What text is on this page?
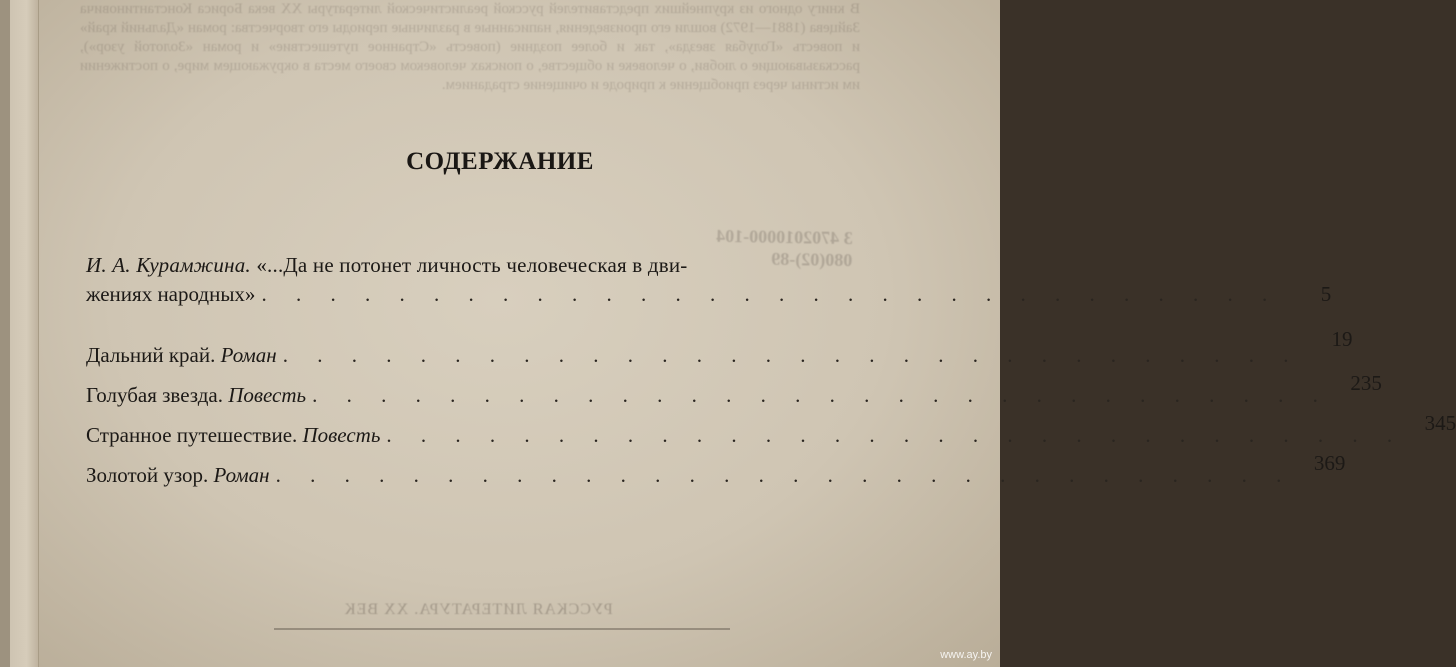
В книгу одного из крупнейших представителей русской реалистической литературы XX века Бориса Константиновича Зайцева (1881—1972) вошли его произведения, написанные в различные периоды его творчества: роман «Дальний край» и повесть «Голубая звезда», так и более поздние (повесть «Странное путешествие» и роман «Золотой узор»), рассказывающие о любви, о человеке и обществе, о поисках человеком своего места в окружающем мире, о постижении им истины через приобщение к природе и очищение страданием.
3 4702010000-104
080(02)-89
РУССКАЯ ЛИТЕРАТУРА. XX ВЕК
СОДЕРЖАНИЕ
И. А. Курамжина. «...Да не потонет личность человеческая в дви-
жениях народных» . . . . . . . . . . . . . . . . . . . . . . . . . . . . . .	5
Дальний край. Роман . . . . . . . . . . . . . . . . . . . . . . . . . . . . . .
19
Голубая звезда. Повесть . . . . . . . . . . . . . . . . . . . . . . . . . . . . . . 235
Странное путешествие. Повесть . . . . . . . . . . . . . . . . . . . . . . . . . . . . . . 345
Золотой узор. Роман . . . . . . . . . . . . . . . . . . . . . . . . . . . . . . 369
www.ay.by
